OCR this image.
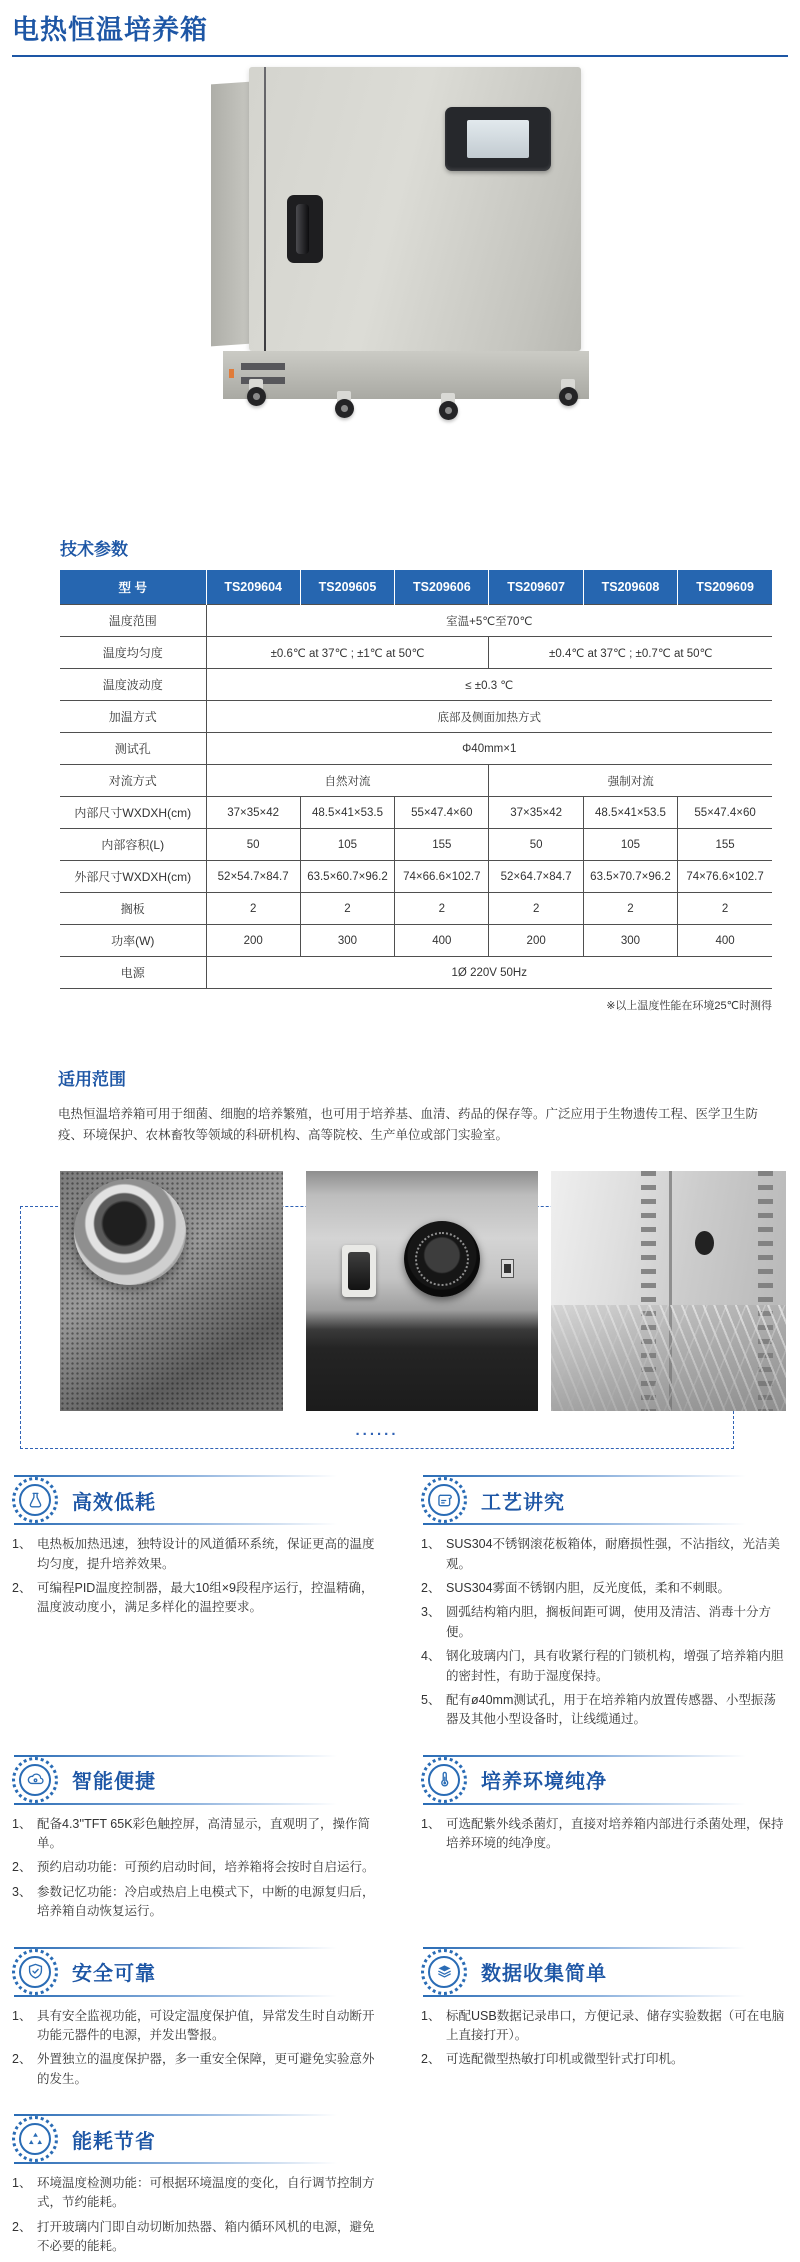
电热恒温培养箱
技术参数
型 号	TS209604	TS209605	TS209606	TS209607	TS209608	TS209609
温度范围	室温+5℃至70℃					
温度均匀度	±0.6℃ at 37℃ ; ±1℃ at 50℃			±0.4℃ at 37℃ ; ±0.7℃ at 50℃		
温度波动度	≤ ±0.3 ℃					
加温方式	底部及侧面加热方式					
测试孔	Φ40mm×1					
对流方式	自然对流			强制对流		
内部尺寸WXDXH(cm)	37×35×42	48.5×41×53.5	55×47.4×60	37×35×42	48.5×41×53.5	55×47.4×60
内部容积(L)	50	105	155	50	105	155
外部尺寸WXDXH(cm)	52×54.7×84.7	63.5×60.7×96.2	74×66.6×102.7	52×64.7×84.7	63.5×70.7×96.2	74×76.6×102.7
搁板	2	2	2	2	2	2
功率(W)	200	300	400	200	300	400
电源	1Ø 220V 50Hz					

※以上温度性能在环境25℃时测得

适用范围

电热恒温培养箱可用于细菌、细胞的培养繁殖，也可用于培养基、血清、药品的保存等。广泛应用于生物遗传工程、医学卫生防疫、环境保护、农林畜牧等领域的科研机构、高等院校、生产单位或部门实验室。

......
高效低耗
1、 电热板加热迅速，独特设计的风道循环系统，保证更高的温度均匀度，提升培养效果。
2、 可编程PID温度控制器，最大10组×9段程序运行，控温精确，温度波动度小，满足多样化的温控要求。
工艺讲究
1、 SUS304不锈钢滚花板箱体，耐磨损性强，不沾指纹，光洁美观。
2、 SUS304雾面不锈钢内胆，反光度低，柔和不刺眼。
3、 圆弧结构箱内胆，搁板间距可调，使用及清洁、消毒十分方便。
4、 钢化玻璃内门，具有收紧行程的门锁机构，增强了培养箱内胆的密封性，有助于湿度保持。
5、 配有ø40mm测试孔，用于在培养箱内放置传感器、小型振荡器及其他小型设备时，让线缆通过。
智能便捷
1、 配备4.3''TFT 65K彩色触控屏，高清显示，直观明了，操作简单。
2、 预约启动功能：可预约启动时间，培养箱将会按时自启运行。
3、 参数记忆功能：冷启或热启上电模式下，中断的电源复归后，培养箱自动恢复运行。
培养环境纯净
1、 可选配紫外线杀菌灯，直接对培养箱内部进行杀菌处理，保持培养环境的纯净度。
安全可靠
1、 具有安全监视功能，可设定温度保护值，异常发生时自动断开功能元器件的电源，并发出警报。
2、 外置独立的温度保护器，多一重安全保障，更可避免实验意外的发生。
数据收集简单
1、 标配USB数据记录串口，方便记录、储存实验数据（可在电脑上直接打开）。
2、 可选配微型热敏打印机或微型针式打印机。
能耗节省
1、 环境温度检测功能：可根据环境温度的变化，自行调节控制方式，节约能耗。
2、 打开玻璃内门即自动切断加热器、箱内循环风机的电源，避免不必要的能耗。
